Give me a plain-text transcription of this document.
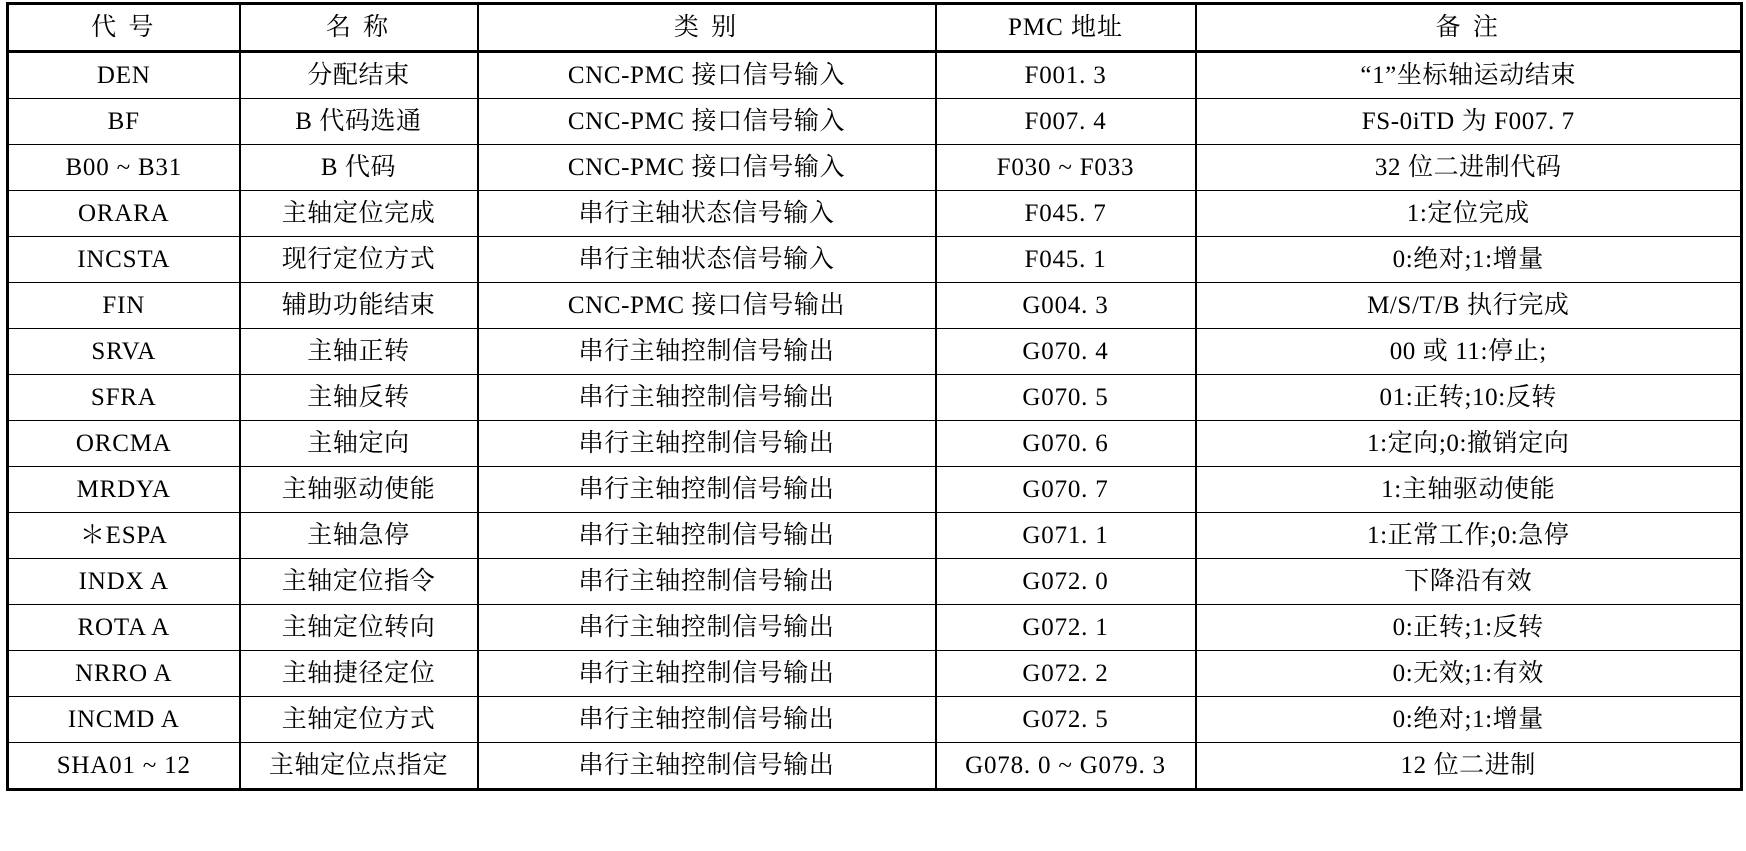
代 号	名 称	类 别	PMC 地址	备 注
DEN	分配结束	CNC-PMC 接口信号输入	F001. 3	“1”坐标轴运动结束
BF	B 代码选通	CNC-PMC 接口信号输入	F007. 4	FS-0iTD 为 F007. 7
B00 ~ B31	B 代码	CNC-PMC 接口信号输入	F030 ~ F033	32 位二进制代码
ORARA	主轴定位完成	串行主轴状态信号输入	F045. 7	1:定位完成
INCSTA	现行定位方式	串行主轴状态信号输入	F045. 1	0:绝对;1:增量
FIN	辅助功能结束	CNC-PMC 接口信号输出	G004. 3	M/S/T/B 执行完成
SRVA	主轴正转	串行主轴控制信号输出	G070. 4	00 或 11:停止;
SFRA	主轴反转	串行主轴控制信号输出	G070. 5	01:正转;10:反转
ORCMA	主轴定向	串行主轴控制信号输出	G070. 6	1:定向;0:撤销定向
MRDYA	主轴驱动使能	串行主轴控制信号输出	G070. 7	1:主轴驱动使能
＊ESPA	主轴急停	串行主轴控制信号输出	G071. 1	1:正常工作;0:急停
INDX A	主轴定位指令	串行主轴控制信号输出	G072. 0	下降沿有效
ROTA A	主轴定位转向	串行主轴控制信号输出	G072. 1	0:正转;1:反转
NRRO A	主轴捷径定位	串行主轴控制信号输出	G072. 2	0:无效;1:有效
INCMD A	主轴定位方式	串行主轴控制信号输出	G072. 5	0:绝对;1:增量
SHA01 ~ 12	主轴定位点指定	串行主轴控制信号输出	G078. 0 ~ G079. 3	12 位二进制
